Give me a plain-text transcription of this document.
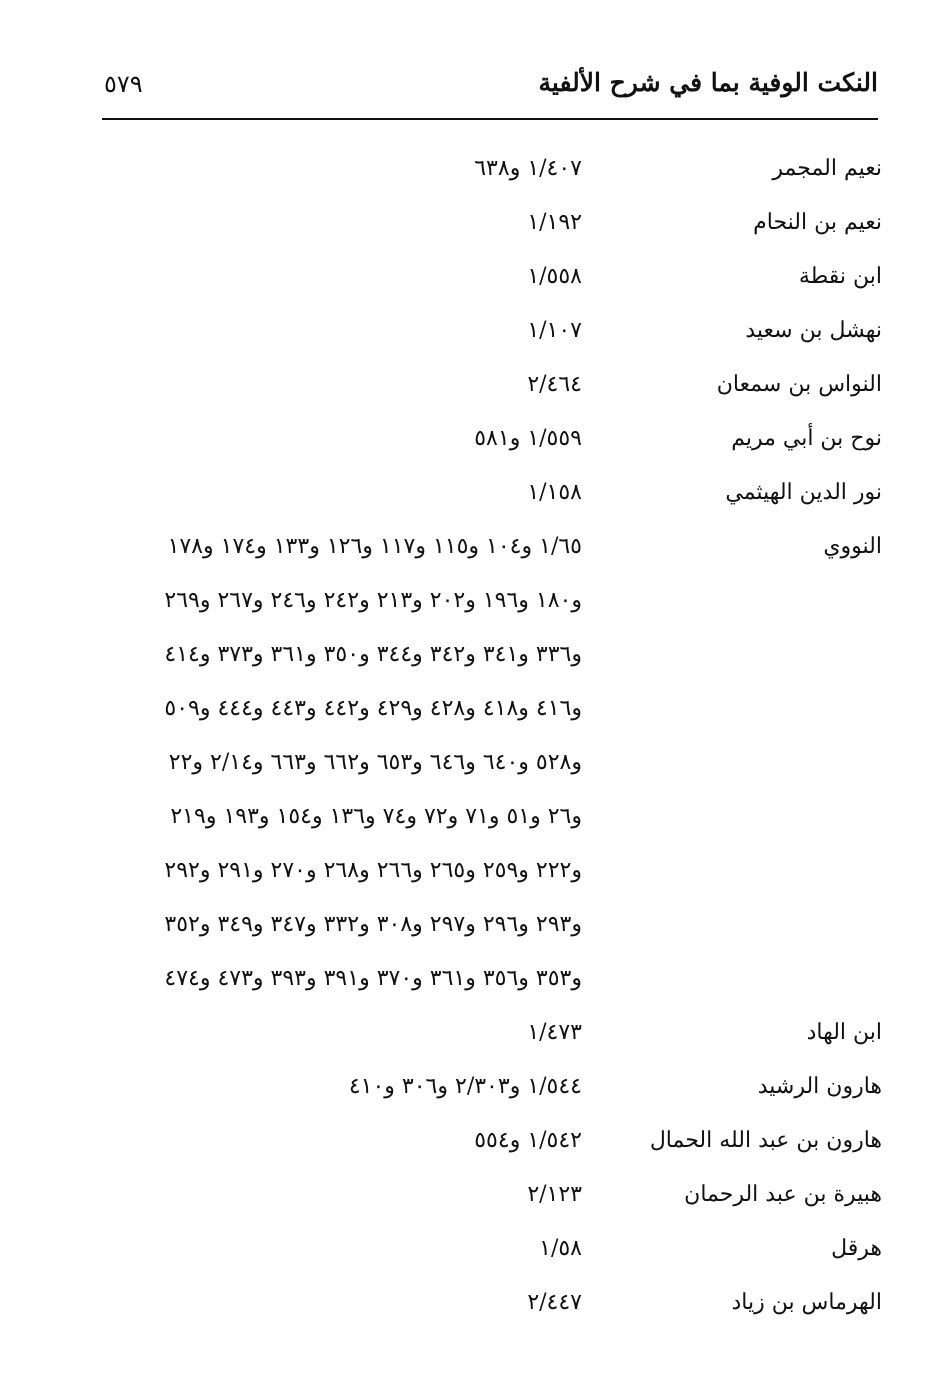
النكت الوفية بما في شرح الألفية
٥٧٩
نعيم المجمر
١/٤٠٧ و٦٣٨
نعيم بن النحام
١/١٩٢
ابن نقطة
١/٥٥٨
نهشل بن سعيد
١/١٠٧
النواس بن سمعان
٢/٤٦٤
نوح بن أبي مريم
١/٥٥٩ و٥٨١
نور الدين الهيثمي
١/١٥٨
النووي
١/٦٥ و١٠٤ و١١٥ و١١٧ و١٢٦ و١٣٣ و١٧٤ و١٧٨
و١٨٠ و١٩٦ و٢٠٢ و٢١٣ و٢٤٢ و٢٤٦ و٢٦٧ و٢٦٩
و٣٣٦ و٣٤١ و٣٤٢ و٣٤٤ و٣٥٠ و٣٦١ و٣٧٣ و٤١٤
و٤١٦ و٤١٨ و٤٢٨ و٤٢٩ و٤٤٢ و٤٤٣ و٤٤٤ و٥٠٩
و٥٢٨ و٦٤٠ و٦٤٦ و٦٥٣ و٦٦٢ و٦٦٣ و٢/١٤ و٢٢
و٢٦ و٥١ و٧١ و٧٢ و٧٤ و١٣٦ و١٥٤ و١٩٣ و٢١٩
و٢٢٢ و٢٥٩ و٢٦٥ و٢٦٦ و٢٦٨ و٢٧٠ و٢٩١ و٢٩٢
و٢٩٣ و٢٩٦ و٢٩٧ و٣٠٨ و٣٣٢ و٣٤٧ و٣٤٩ و٣٥٢
و٣٥٣ و٣٥٦ و٣٦١ و٣٧٠ و٣٩١ و٣٩٣ و٤٧٣ و٤٧٤
ابن الهاد
١/٤٧٣
هارون الرشيد
١/٥٤٤ و٢/٣٠٣ و٣٠٦ و٤١٠
هارون بن عبد الله الحمال
١/٥٤٢ و٥٥٤
هبيرة بن عبد الرحمان
٢/١٢٣
هرقل
١/٥٨
الهرماس بن زياد
٢/٤٤٧
